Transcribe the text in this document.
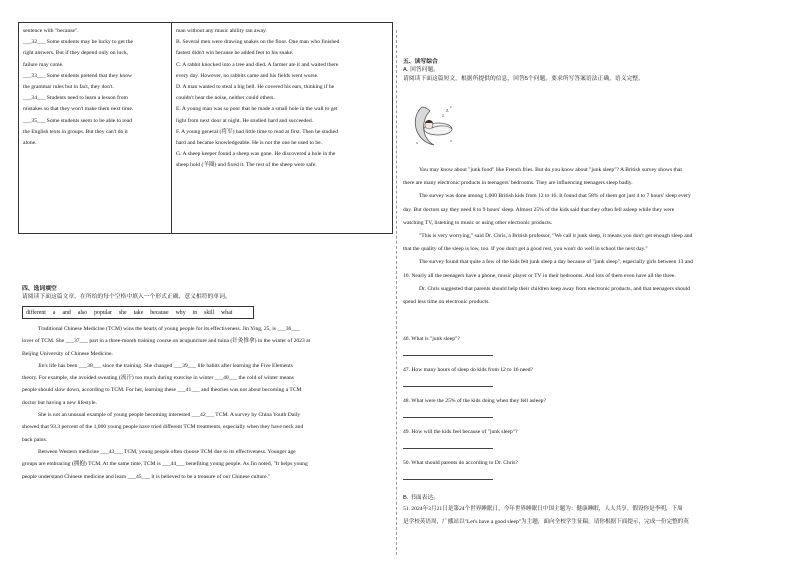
sentence with "because".

___32___ Some students may be lucky to get the

right answers. But if they depend only on luck,

failure may come.

___33___ Some students pretend that they know

the grammar rules but in fact, they don't.

___34___ Students need to learn a lesson from

mistakes so that they won't make them next time.

___35___ Some students seem to be able to read

the English texts in groups. But they can't do it

alone.

man without any music ability ran away.

B. Several men were drawing snakes on the floor. One man who finished

fastest didn't win because he added feet to his snake.

C. A rabbit knocked into a tree and died. A farmer ate it and waited there

every day. However, no rabbits came and his fields went worse.

D. A man wanted to steal a big bell. He covered his ears, thinking if he

couldn't hear the noise, neither could others.

E. A young man was so poor that he made a small hole in the wall to get

light from next door at night. He studied hard and succeeded.

F. A young general (将军) had little time to read at first. Then he studied

hard and became knowledgeable. He is not the one he used to be.

G. A sheep keeper found a sheep was gone. He discovered a hole in the

sheep hold (羊圈) and fixed it. The rest of the sheep were safe.

四、选词填空
请阅读下面这篇文章，在所给的每个空格中填入一个形式正确、意义相符的单词。
different a and also popular she take because why in skill what

Traditional Chinese Medicine (TCM) wins the hearts of young people for its effectiveness. Jin Ying, 25, is ___36___

lover of TCM. She ___37___ part in a three-month training course on acupuncture and tuina (针灸推拿) in the winter of 2023 at

Beijing University of Chinese Medicine.

Jin's life has been ___38___ since the training. She changed ___39___ life habits after learning the Five Elements

theory. For example, she avoided sweating (流汗) too much during exercise in winter ___40___ the cold of winter means

people should slow down, according to TCM. For her, learning these ___41___ and theories was not about becoming a TCM

doctor but having a new lifestyle.

She is not an unusual example of young people becoming interested ___42___ TCM. A survey by China Youth Daily

showed that 93.3 percent of the 1,000 young people have tried different TCM treatments, especially when they have neck and

back pains.

Between Western medicine ___43___ TCM, young people often choose TCM due to its effectiveness. Younger age

groups are embracing (拥抱) TCM. At the same time, TCM is ___44___ benefiting young people. As Jin noted, "It helps young

people understand Chinese medicine and learn ___45___ it is believed to be a treasure of our Chinese culture."

五、读写综合
A. 回答问题。
请阅读下面这篇短文，根据所提供的信息，回答5个问题。要求所写答案语法正确，语义完整。
z
z
z

You may know about "junk food" like French fries. But do you know about "junk sleep"? A British survey shows that

there are many electronic products in teenagers' bedrooms. They are influencing teenagers sleep badly.

The survey was done among 1,000 British kids from 12 to 16. It found that 58% of them got just 4 to 7 hours' sleep every

day. But doctors say they need 8 to 9 hours' sleep. Almost 25% of the kids said that they often fell asleep while they were

watching TV, listening to music or using other electronic products.

"This is very worrying," said Dr. Chris, a British professor, "We call it junk sleep, it means you don't get enough sleep and

that the quality of the sleep is low, too. If you don't get a good rest, you won't do well in school the next day."

The survey found that quite a few of the kids felt junk sleep a day because of "junk sleep", especially girls between 13 and

16. Nearly all the teenagers have a phone, music player or TV in their bedrooms. And lots of them even have all the three.

Dr. Chris suggested that parents should help their children keep away from electronic products, and that teenagers should

spend less time on electronic products.

46. What is "junk sleep"?
47. How many hours of sleep do kids from 12 to 16 need?
48. What were the 25% of the kids doing when they fell asleep?
49. How will the kids feel because of "junk sleep"?
50. What should parents do according to Dr. Chris?

B. 书面表达。

51. 2024年3月21日是第24个世界睡眠日，今年世界睡眠日中国主题为：健康睡眠，人人共享。假设你是李明，下周

是学校英语周，广播站以"Let's have a good sleep"为主题，面向全校学生征稿。请你根据下面提示，完成一份完整的英
